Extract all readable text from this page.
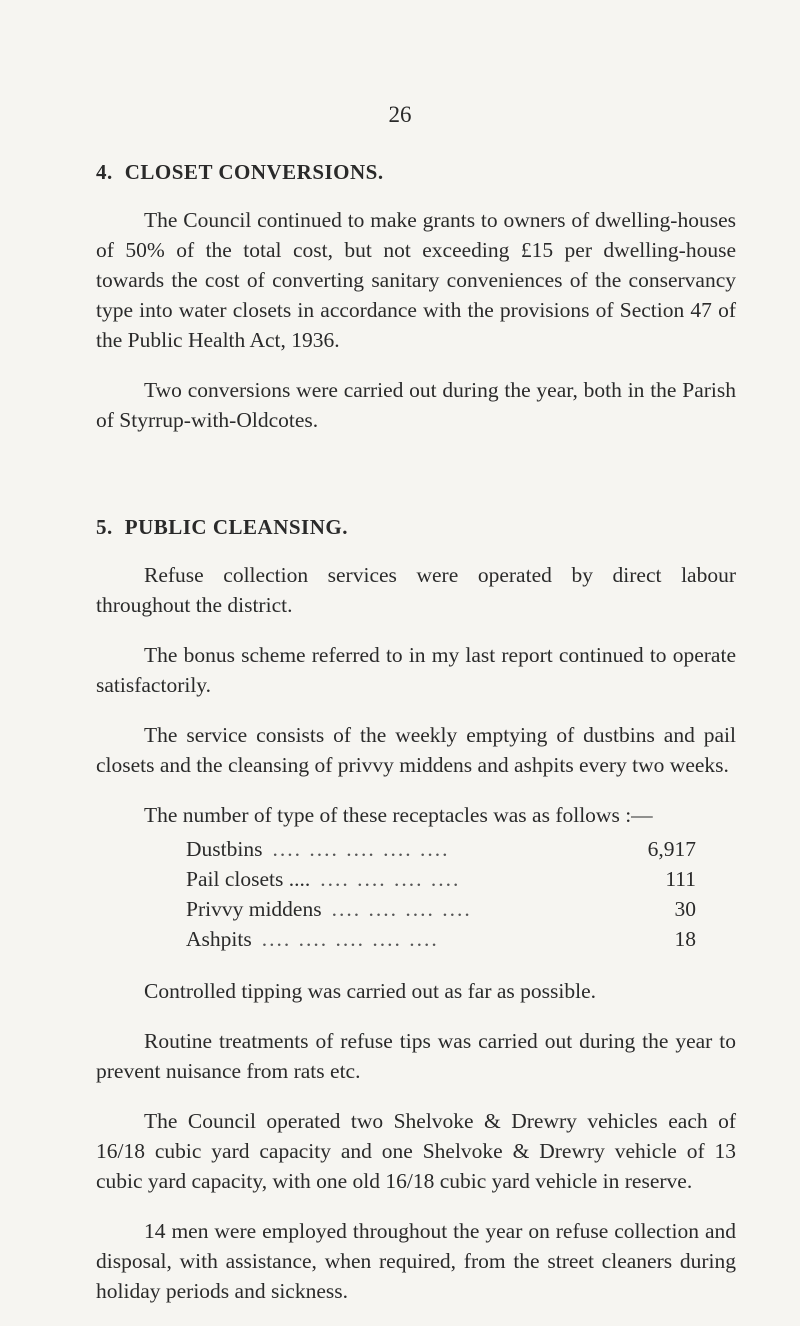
26
4. CLOSET CONVERSIONS.

The Council continued to make grants to owners of dwelling-houses of 50% of the total cost, but not exceeding £15 per dwelling-house towards the cost of converting sanitary conveniences of the conservancy type into water closets in accordance with the provisions of Section 47 of the Public Health Act, 1936.

Two conversions were carried out during the year, both in the Parish of Styrrup-with-Oldcotes.

5. PUBLIC CLEANSING.

Refuse collection services were operated by direct labour throughout the district.

The bonus scheme referred to in my last report continued to operate satisfactorily.

The service consists of the weekly emptying of dustbins and pail closets and the cleansing of privvy middens and ashpits every two weeks.

The number of type of these receptacles was as follows :—

Dustbins .... .... .... .... ....	6,917
Pail closets .... .... .... .... ....	111
Privvy middens .... .... .... ....	30
Ashpits .... .... .... .... ....	18

Controlled tipping was carried out as far as possible.

Routine treatments of refuse tips was carried out during the year to prevent nuisance from rats etc.

The Council operated two Shelvoke & Drewry vehicles each of 16/18 cubic yard capacity and one Shelvoke & Drewry vehicle of 13 cubic yard capacity, with one old 16/18 cubic yard vehicle in reserve.

14 men were employed throughout the year on refuse collection and disposal, with assistance, when required, from the street cleaners during holiday periods and sickness.
